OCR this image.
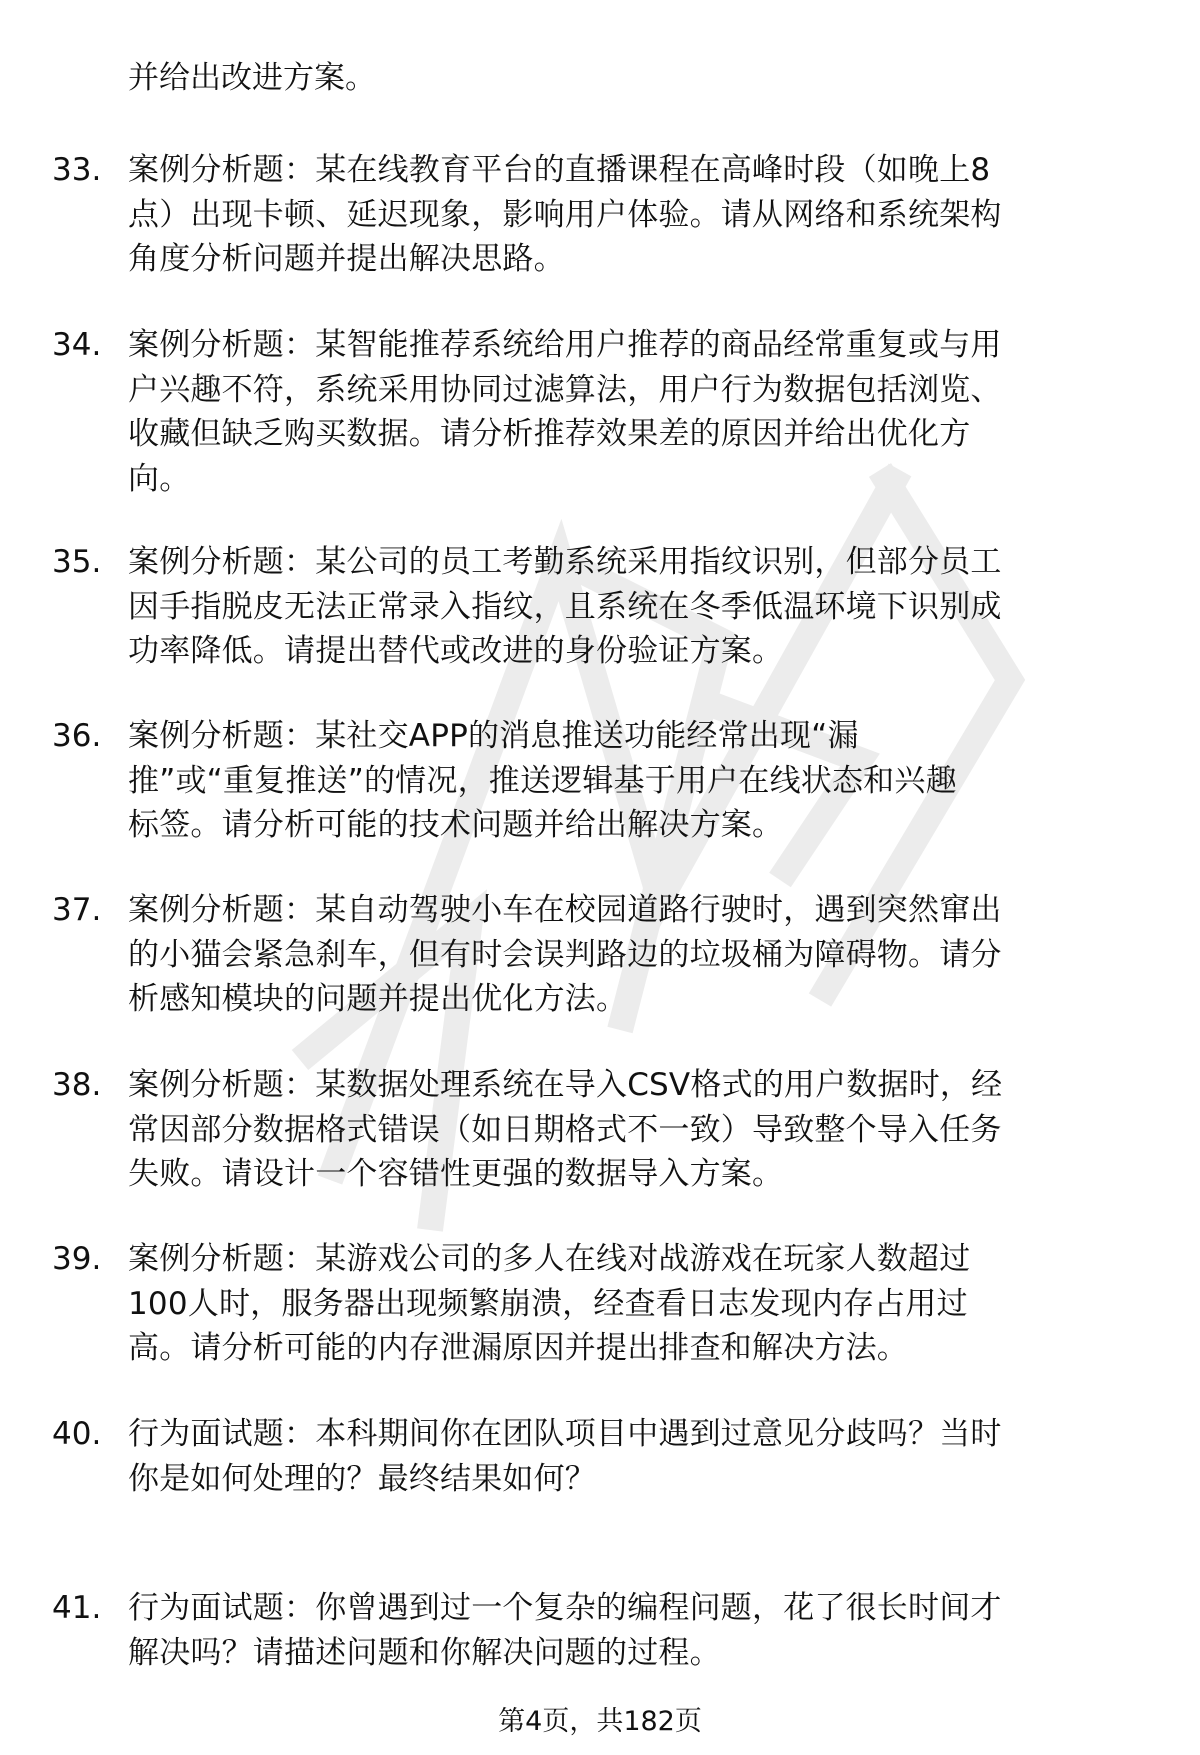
并给出改进方案。
33. 案例分析题：某在线教育平台的直播课程在高峰时段（如晚上8
点）出现卡顿、延迟现象，影响用户体验。请从网络和系统架构
角度分析问题并提出解决思路。
34. 案例分析题：某智能推荐系统给用户推荐的商品经常重复或与用
户兴趣不符，系统采用协同过滤算法，用户行为数据包括浏览、
收藏但缺乏购买数据。请分析推荐效果差的原因并给出优化方
向。
35. 案例分析题：某公司的员工考勤系统采用指纹识别，但部分员工
因手指脱皮无法正常录入指纹，且系统在冬季低温环境下识别成
功率降低。请提出替代或改进的身份验证方案。
36. 案例分析题：某社交APP的消息推送功能经常出现“漏
推”或“重复推送”的情况，推送逻辑基于用户在线状态和兴趣
标签。请分析可能的技术问题并给出解决方案。
37. 案例分析题：某自动驾驶小车在校园道路行驶时，遇到突然窜出
的小猫会紧急刹车，但有时会误判路边的垃圾桶为障碍物。请分
析感知模块的问题并提出优化方法。
38. 案例分析题：某数据处理系统在导入CSV格式的用户数据时，经
常因部分数据格式错误（如日期格式不一致）导致整个导入任务
失败。请设计一个容错性更强的数据导入方案。
39. 案例分析题：某游戏公司的多人在线对战游戏在玩家人数超过
100人时，服务器出现频繁崩溃，经查看日志发现内存占用过
高。请分析可能的内存泄漏原因并提出排查和解决方法。
40. 行为面试题：本科期间你在团队项目中遇到过意见分歧吗？当时
你是如何处理的？最终结果如何？
41. 行为面试题：你曾遇到过一个复杂的编程问题，花了很长时间才
解决吗？请描述问题和你解决问题的过程。
第4页，共182页
